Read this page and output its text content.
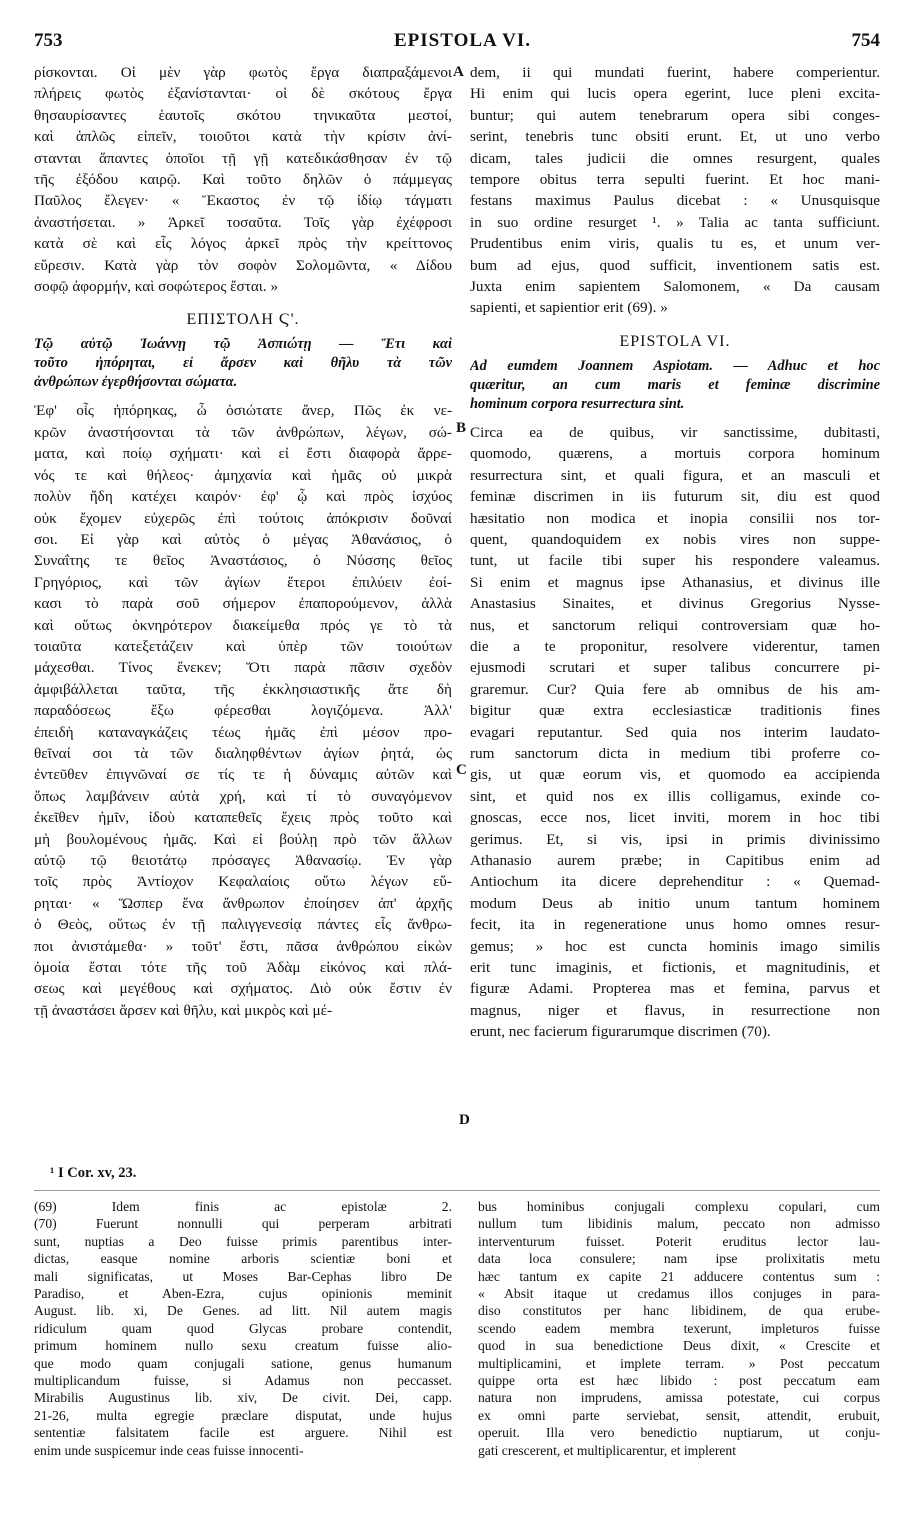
753	EPISTOLA VI.	754
ρίσκονται. Οἱ μὲν γὰρ φωτὸς ἔργα διαπραξάμενοι
πλήρεις φωτὸς ἐξανίστανται· οἱ δὲ σκότους ἔργα
θησαυρίσαντες ἑαυτοῖς σκότου τηνικαῦτα μεστοί,
καὶ ἁπλῶς εἰπεῖν, τοιοῦτοι κατὰ τὴν κρίσιν ἀνί-
στανται ἅπαντες ὁποῖοι τῇ γῇ κατεδικάσθησαν ἐν τῷ
τῆς ἐξόδου καιρῷ. Καὶ τοῦτο δηλῶν ὁ πάμμεγας
Παῦλος ἔλεγεν· « Ἕκαστος ἐν τῷ ἰδίῳ τάγματι
ἀναστήσεται. » Ἀρκεῖ τοσαῦτα. Τοῖς γὰρ ἐχέφροσι
κατὰ σὲ καὶ εἷς λόγος ἀρκεῖ πρὸς τὴν κρείττονος
εὕρεσιν. Κατὰ γὰρ τὸν σοφὸν Σολομῶντα, « Δίδου
σοφῷ ἀφορμήν, καὶ σοφώτερος ἔσται. »
ΕΠΙΣΤΟΛΗ Ϛ'.
Τῷ αὐτῷ Ἰωάννῃ τῷ Ἀσπιώτῃ — Ἔτι καὶ
τοῦτο ἠπόρηται, εἰ ἄρσεν καὶ θῆλυ τὰ τῶν
ἀνθρώπων ἐγερθήσονται σώματα.
Ἐφ' οἷς ἠπόρηκας, ὦ ὁσιώτατε ἄνερ, Πῶς ἐκ νε-
κρῶν ἀναστήσονται τὰ τῶν ἀνθρώπων, λέγων, σώ-
ματα, καὶ ποίῳ σχήματι· καὶ εἰ ἔστι διαφορὰ ἄρρε-
νός τε καὶ θήλεος· ἀμηχανία καὶ ἡμᾶς οὐ μικρὰ
πολὺν ἤδη κατέχει καιρόν· ἐφ' ᾧ καὶ πρὸς ἰσχύος
οὐκ ἔχομεν εὐχερῶς ἐπὶ τούτοις ἀπόκρισιν δοῦναί
σοι. Εἰ γὰρ καὶ αὐτὸς ὁ μέγας Ἀθανάσιος, ὁ
Συναΐτης τε θεῖος Ἀναστάσιος, ὁ Νύσσης θεῖος
Γρηγόριος, καὶ τῶν ἁγίων ἕτεροι ἐπιλύειν ἐοί-
κασι τὸ παρὰ σοῦ σήμερον ἐπαπορούμενον, ἀλλὰ
καὶ οὕτως ὀκνηρότερον διακείμεθα πρός γε τὸ τὰ
τοιαῦτα κατεξετάζειν καὶ ὑπὲρ τῶν τοιούτων
μάχεσθαι. Τίνος ἕνεκεν; Ὅτι παρὰ πᾶσιν σχεδὸν
ἀμφιβάλλεται ταῦτα, τῆς ἐκκλησιαστικῆς ἅτε δὴ
παραδόσεως ἔξω φέρεσθαι λογιζόμενα. Ἀλλ'
ἐπειδὴ καταναγκάζεις τέως ἡμᾶς ἐπὶ μέσον προ-
θεῖναί σοι τὰ τῶν διαληφθέντων ἁγίων ῥητά, ὡς
ἐντεῦθεν ἐπιγνῶναί σε τίς τε ἡ δύναμις αὐτῶν καὶ
ὅπως λαμβάνειν αὐτὰ χρή, καὶ τί τὸ συναγόμενον
ἐκεῖθεν ἡμῖν, ἰδοὺ καταπεθεῖς ἔχεις πρὸς τοῦτο καὶ
μὴ βουλομένους ἡμᾶς. Καὶ εἰ βούλῃ πρὸ τῶν ἄλλων
αὐτῷ τῷ θειοτάτῳ πρόσαγες Ἀθανασίῳ. Ἐν γὰρ
τοῖς πρὸς Ἀντίοχον Κεφαλαίοις οὕτω λέγων εὕ-
ρηται· « Ὥσπερ ἕνα ἄνθρωπον ἐποίησεν ἀπ' ἀρχῆς
ὁ Θεὸς, οὕτως ἐν τῇ παλιγγενεσίᾳ πάντες εἷς ἄνθρω-
ποι ἀνιστάμεθα· » τοῦτ' ἔστι, πᾶσα ἀνθρώπου εἰκὼν
ὁμοία ἔσται τότε τῆς τοῦ Ἀδὰμ εἰκόνος καὶ πλά-
σεως καὶ μεγέθους καὶ σχήματος. Διὸ οὐκ ἔστιν ἐν
τῇ ἀναστάσει ἄρσεν καὶ θῆλυ, καὶ μικρὸς καὶ μέ-
dem, ii qui mundati fuerint, habere comperientur.
Hi enim qui lucis opera egerint, luce pleni excita-
buntur; qui autem tenebrarum opera sibi conges-
serint, tenebris tunc obsiti erunt. Et, ut uno verbo
dicam, tales judicii die omnes resurgent, quales
tempore obitus terra sepulti fuerint. Et hoc mani-
festans maximus Paulus dicebat : « Unusquisque
in suo ordine resurget ¹. » Talia ac tanta sufficiunt.
Prudentibus enim viris, qualis tu es, et unum ver-
bum ad ejus, quod sufficit, inventionem satis est.
Juxta enim sapientem Salomonem, « Da causam
sapienti, et sapientior erit (69). »
EPISTOLA VI.
Ad eumdem Joannem Aspiotam. — Adhuc et hoc
quæritur, an cum maris et feminæ discrimine
hominum corpora resurrectura sint.
Circa ea de quibus, vir sanctissime, dubitasti,
quomodo, quærens, a mortuis corpora hominum
resurrectura sint, et quali figura, et an masculi et
feminæ discrimen in iis futurum sit, diu est quod
hæsitatio non modica et inopia consilii nos tor-
quent, quandoquidem ex nobis vires non suppe-
tunt, ut facile tibi super his respondere valeamus.
Si enim et magnus ipse Athanasius, et divinus ille
Anastasius Sinaites, et divinus Gregorius Nysse-
nus, et sanctorum reliqui controversiam quæ ho-
die a te proponitur, resolvere viderentur, tamen
ejusmodi scrutari et super talibus concurrere pi-
graremur. Cur? Quia fere ab omnibus de his am-
bigitur quæ extra ecclesiasticæ traditionis fines
evagari reputantur. Sed quia nos interim laudato-
rum sanctorum dicta in medium tibi proferre co-
gis, ut quæ eorum vis, et quomodo ea accipienda
sint, et quid nos ex illis colligamus, exinde co-
gnoscas, ecce nos, licet inviti, morem in hoc tibi
gerimus. Et, si vis, ipsi in primis divinissimo
Athanasio aurem præbe; in Capitibus enim ad
Antiochum ita dicere deprehenditur : « Quemad-
modum Deus ab initio unum tantum hominem
fecit, ita in regeneratione unus homo omnes resur-
gemus; » hoc est cuncta hominis imago similis
erit tunc imaginis, et fictionis, et magnitudinis, et
figuræ Adami. Propterea mas et femina, parvus et
magnus, niger et flavus, in resurrectione non
erunt, nec facierum figurarumque discrimen (70).
A
B
C
D
¹ I Cor. xv, 23.
(69) Idem finis ac epistolæ 2.
(70) Fuerunt nonnulli qui perperam arbitrati
sunt, nuptias a Deo fuisse primis parentibus inter-
dictas, easque nomine arboris scientiæ boni et
mali significatas, ut Moses Bar-Cephas libro De
Paradiso, et Aben-Ezra, cujus opinionis meminit
August. lib. xi, De Genes. ad litt. Nil autem magis
ridiculum quam quod Glycas probare contendit,
primum hominem nullo sexu creatum fuisse alio-
que modo quam conjugali satione, genus humanum
multiplicandum fuisse, si Adamus non peccasset.
Mirabilis Augustinus lib. xiv, De civit. Dei, capp.
21-26, multa egregie præclare disputat, unde hujus
sententiæ falsitatem facile est arguere. Nihil est
enim unde suspicemur inde ceas fuisse innocenti-
bus hominibus conjugali complexu copulari, cum
nullum tum libidinis malum, peccato non admisso
interventurum fuisset. Poterit eruditus lector lau-
data loca consulere; nam ipse prolixitatis metu
hæc tantum ex capite 21 adducere contentus sum :
« Absit itaque ut credamus illos conjuges in para-
diso constitutos per hanc libidinem, de qua erube-
scendo eadem membra texerunt, impleturos fuisse
quod in sua benedictione Deus dixit, « Crescite et
multiplicamini, et implete terram. » Post peccatum
quippe orta est hæc libido : post peccatum eam
natura non imprudens, amissa potestate, cui corpus
ex omni parte serviebat, sensit, attendit, erubuit,
operuit. Illa vero benedictio nuptiarum, ut conju-
gati crescerent, et multiplicarentur, et implerent
